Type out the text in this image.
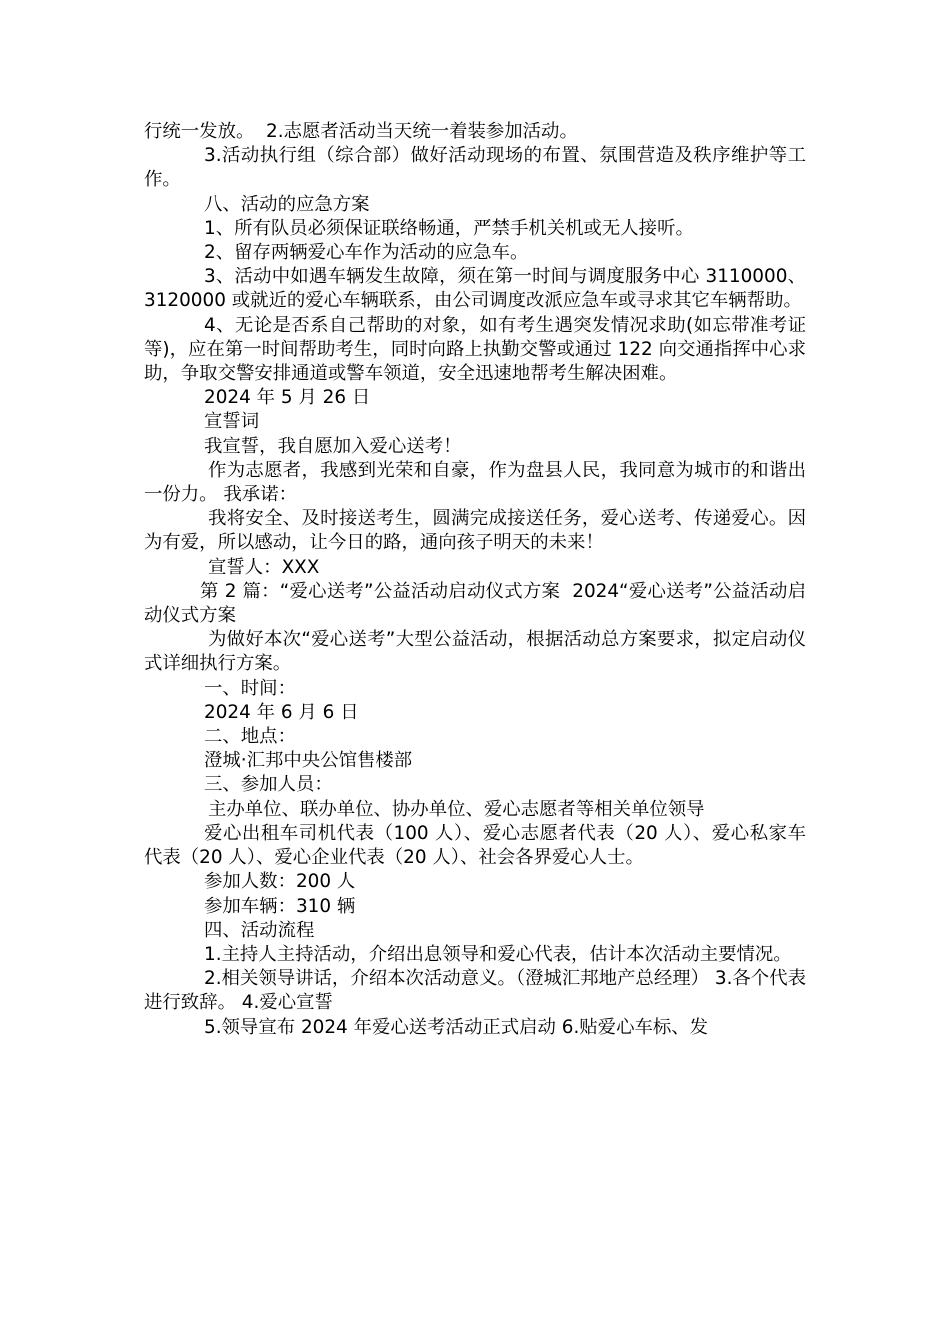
行统一发放。  2.志愿者活动当天统一着装参加活动。

3.活动执行组（综合部）做好活动现场的布置、氛围营造及秩序维护等工作。

八、活动的应急方案

1、所有队员必须保证联络畅通，严禁手机关机或无人接听。

2、留存两辆爱心车作为活动的应急车。

3、活动中如遇车辆发生故障，须在第一时间与调度服务中心 3110000、3120000 或就近的爱心车辆联系，由公司调度改派应急车或寻求其它车辆帮助。

4、无论是否系自己帮助的对象，如有考生遇突发情况求助(如忘带准考证等)，应在第一时间帮助考生，同时向路上执勤交警或通过 122 向交通指挥中心求助，争取交警安排通道或警车领道，安全迅速地帮考生解决困难。

2024 年 5 月 26 日

宣誓词

我宣誓，我自愿加入爱心送考！

作为志愿者，我感到光荣和自豪，作为盘县人民，我同意为城市的和谐出一份力。 我承诺：

我将安全、及时接送考生，圆满完成接送任务，爱心送考、传递爱心。因为有爱，所以感动，让今日的路，通向孩子明天的未来！

宣誓人：XXX

第 2 篇：“爱心送考”公益活动启动仪式方案  2024“爱心送考”公益活动启动仪式方案

为做好本次“爱心送考”大型公益活动，根据活动总方案要求，拟定启动仪式详细执行方案。

一、时间：

2024 年 6 月 6 日

二、地点：

澄城·汇邦中央公馆售楼部

三、参加人员：

主办单位、联办单位、协办单位、爱心志愿者等相关单位领导

爱心出租车司机代表（100 人）、爱心志愿者代表（20 人）、爱心私家车代表（20 人）、爱心企业代表（20 人）、社会各界爱心人士。

参加人数：200 人

参加车辆：310 辆

四、活动流程

1.主持人主持活动，介绍出息领导和爱心代表，估计本次活动主要情况。

2.相关领导讲话，介绍本次活动意义。（澄城汇邦地产总经理） 3.各个代表进行致辞。 4.爱心宣誓

5.领导宣布 2024 年爱心送考活动正式启动 6.贴爱心车标、发
